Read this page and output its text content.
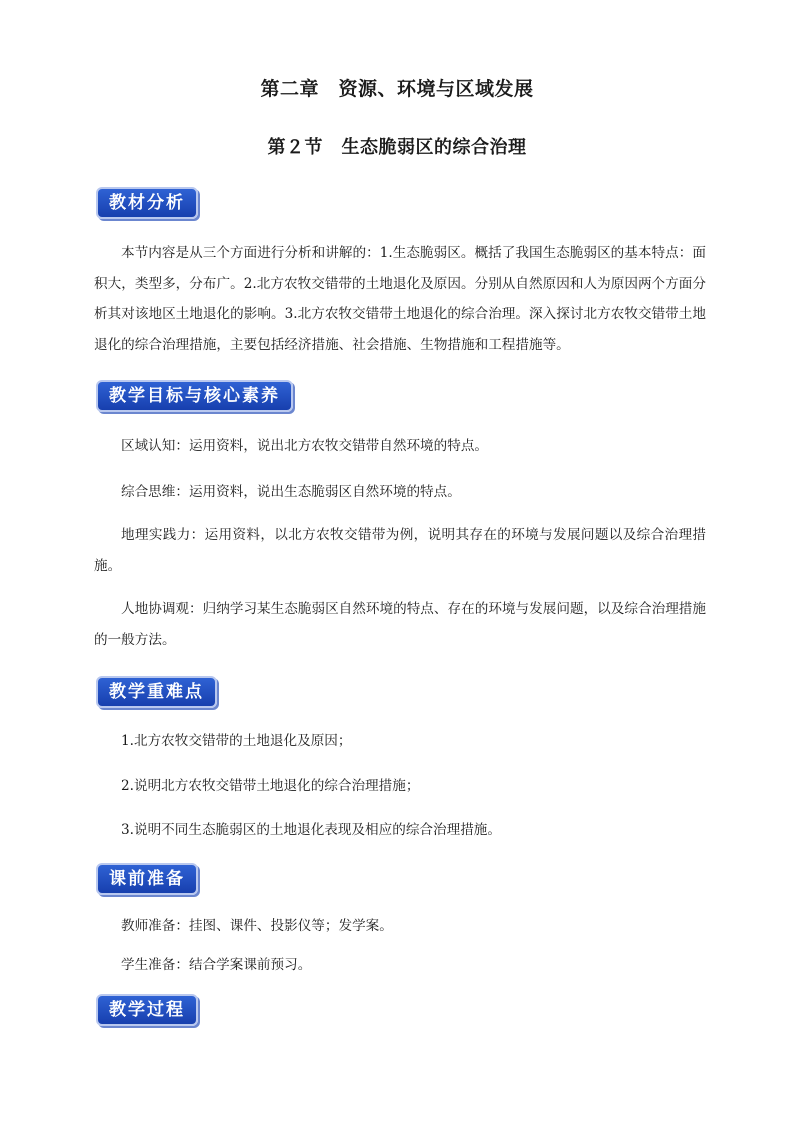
第二章　资源、环境与区域发展
第２节　生态脆弱区的综合治理
教材分析

本节内容是从三个方面进行分析和讲解的：1.生态脆弱区。概括了我国生态脆弱区的基本特点：面积大，类型多，分布广。2.北方农牧交错带的土地退化及原因。分别从自然原因和人为原因两个方面分析其对该地区土地退化的影响。3.北方农牧交错带土地退化的综合治理。深入探讨北方农牧交错带土地退化的综合治理措施，主要包括经济措施、社会措施、生物措施和工程措施等。

教学目标与核心素养

区域认知：运用资料，说出北方农牧交错带自然环境的特点。

综合思维：运用资料，说出生态脆弱区自然环境的特点。

地理实践力：运用资料，以北方农牧交错带为例，说明其存在的环境与发展问题以及综合治理措施。

人地协调观：归纳学习某生态脆弱区自然环境的特点、存在的环境与发展问题，以及综合治理措施的一般方法。

教学重难点
1.北方农牧交错带的土地退化及原因；
2.说明北方农牧交错带土地退化的综合治理措施；
3.说明不同生态脆弱区的土地退化表现及相应的综合治理措施。
课前准备
教师准备：挂图、课件、投影仪等；发学案。
学生准备：结合学案课前预习。
教学过程
